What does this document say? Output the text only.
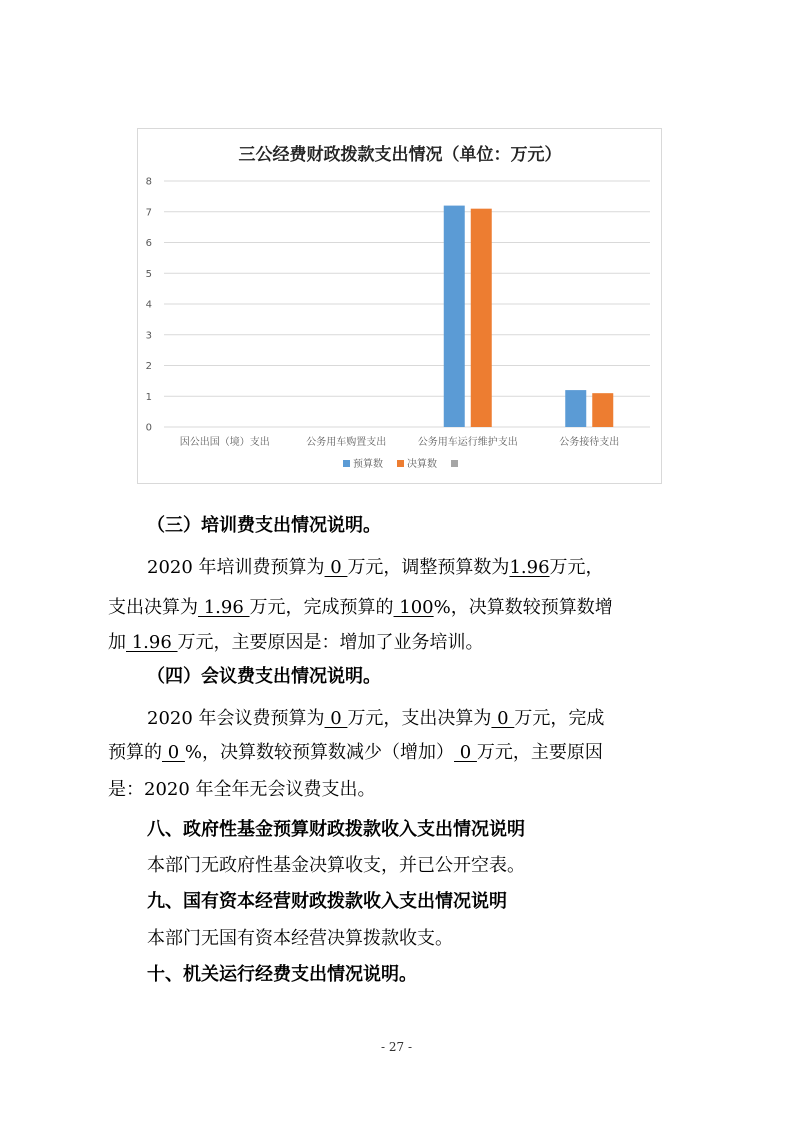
三公经费财政拨款支出情况（单位：万元）
0
1
2
3
4
5
6
7
8
因公出国（境）支出	公务用车购置支出	公务用车运行维护支出	公务接待支出
预算数 决算数
（三）培训费支出情况说明。
2020 年培训费预算为 0 万元，调整预算数为1.96万元，
支出决算为 1.96 万元，完成预算的 100%，决算数较预算数增
加 1.96 万元，主要原因是：增加了业务培训。
（四）会议费支出情况说明。
2020 年会议费预算为 0 万元，支出决算为 0 万元，完成
预算的 0 %，决算数较预算数减少（增加） 0 万元，主要原因
是：2020 年全年无会议费支出。
八、政府性基金预算财政拨款收入支出情况说明
本部门无政府性基金决算收支，并已公开空表。
九、国有资本经营财政拨款收入支出情况说明
本部门无国有资本经营决算拨款收支。
十、机关运行经费支出情况说明。
- 27 -
